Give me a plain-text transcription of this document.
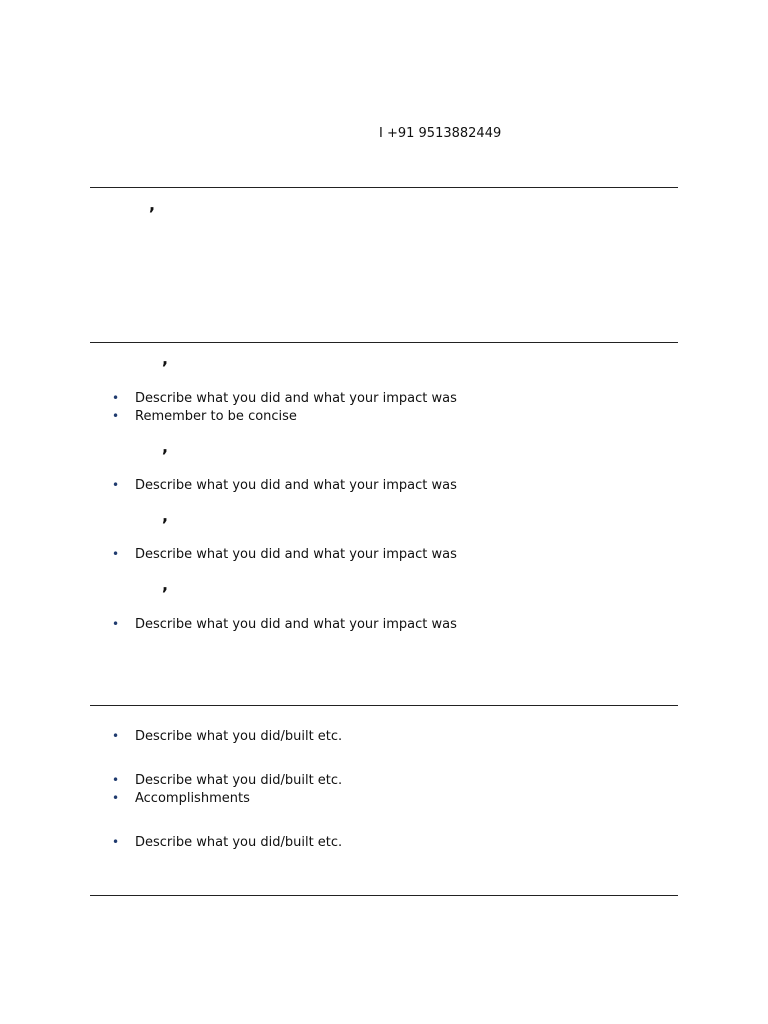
I +91 9513882449
,
,
• Describe what you did and what your impact was
• Remember to be concise
,
• Describe what you did and what your impact was
,
• Describe what you did and what your impact was
,
• Describe what you did and what your impact was
• Describe what you did/built etc.
• Describe what you did/built etc.
• Accomplishments
• Describe what you did/built etc.
